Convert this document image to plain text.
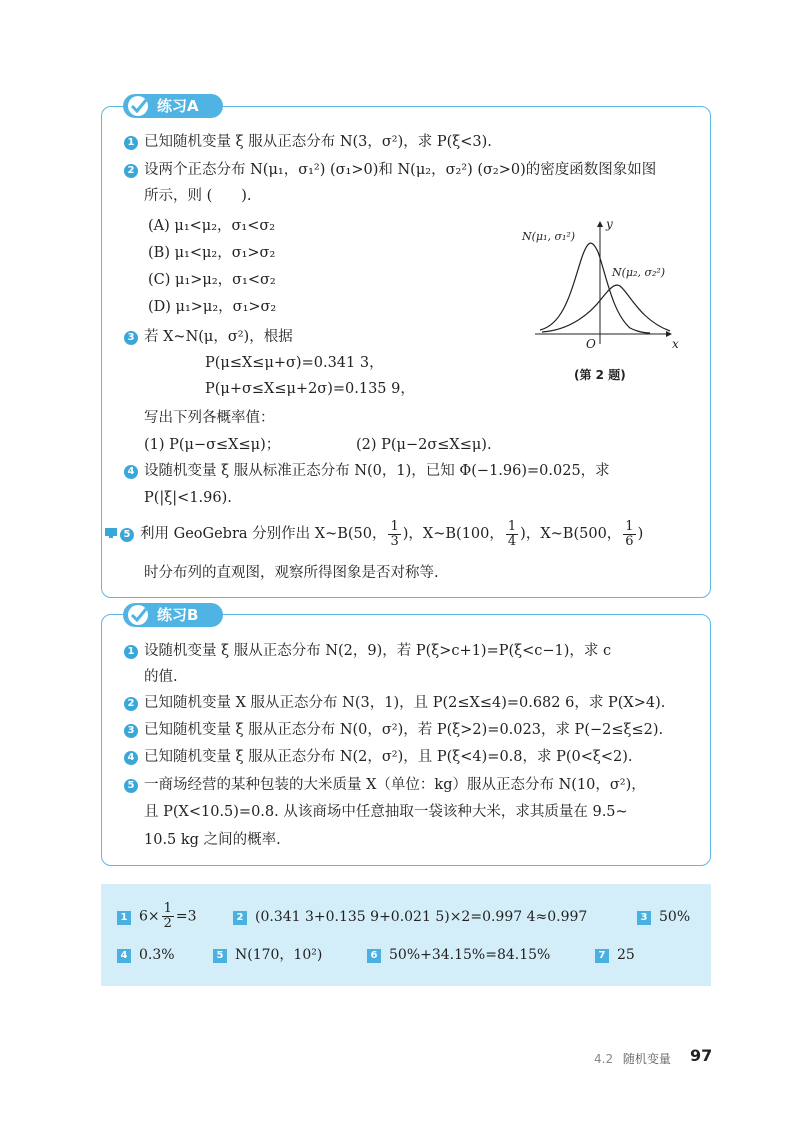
练习A
1 已知随机变量 ξ 服从正态分布 N(3，σ²)，求 P(ξ<3).
2 设两个正态分布 N(μ₁，σ₁²) (σ₁>0)和 N(μ₂，σ₂²) (σ₂>0)的密度函数图象如图
所示，则 (　　).
(A) μ₁<μ₂，σ₁<σ₂
(B) μ₁<μ₂，σ₁>σ₂
(C) μ₁>μ₂，σ₁<σ₂
(D) μ₁>μ₂，σ₁>σ₂
N(μ₁, σ₁²)
N(μ₂, σ₂²)
y
x
O
(第 2 题)
3 若 X~N(μ，σ²)，根据
P(μ≤X≤μ+σ)=0.341 3，
P(μ+σ≤X≤μ+2σ)=0.135 9，
写出下列各概率值：
(1) P(μ−σ≤X≤μ)；	(2) P(μ−2σ≤X≤μ).
4 设随机变量 ξ 服从标准正态分布 N(0，1)，已知 Φ(−1.96)=0.025，求
P(|ξ|<1.96).
5 利用 GeoGebra 分别作出 X~B(50， $\frac{1}{3}$ )，X~B(100， $\frac{1}{4}$ )，X~B(500， $\frac{1}{6}$ )
时分布列的直观图，观察所得图象是否对称等.
练习B
1 设随机变量 ξ 服从正态分布 N(2，9)，若 P(ξ>c+1)=P(ξ<c−1)，求 c
的值.
2 已知随机变量 X 服从正态分布 N(3，1)，且 P(2≤X≤4)=0.682 6，求 P(X>4).
3 已知随机变量 ξ 服从正态分布 N(0，σ²)，若 P(ξ>2)=0.023，求 P(−2≤ξ≤2).
4 已知随机变量 ξ 服从正态分布 N(2，σ²)，且 P(ξ<4)=0.8，求 P(0<ξ<2).
5 一商场经营的某种包装的大米质量 X（单位：kg）服从正态分布 N(10，σ²)，
且 P(X<10.5)=0.8. 从该商场中任意抽取一袋该种大米，求其质量在 9.5~
10.5 kg 之间的概率.
1 $6\times \frac{1}{2} =3$	2 (0.341 3+0.135 9+0.021 5)×2=0.997 4≈0.997	3 50%
4 0.3%	5 N(170，10²)	6 50%+34.15%=84.15%	7 25
4.2 随机变量 97
